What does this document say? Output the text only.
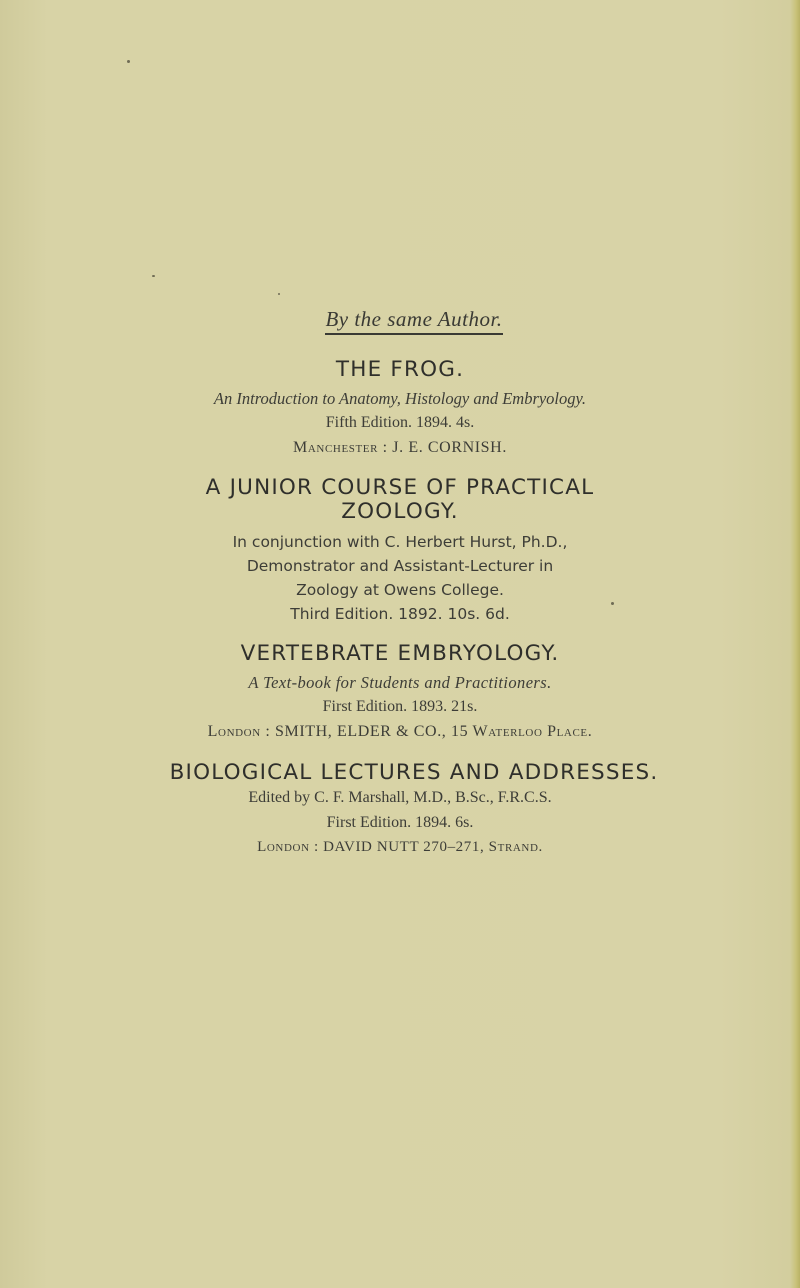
By the same Author.
THE FROG.
An Introduction to Anatomy, Histology and Embryology.
Fifth Edition. 1894. 4s.
Manchester : J. E. CORNISH.
A JUNIOR COURSE OF PRACTICAL
ZOOLOGY.
In conjunction with C. Herbert Hurst, Ph.D.,
Demonstrator and Assistant-Lecturer in
Zoology at Owens College.
Third Edition. 1892. 10s. 6d.
VERTEBRATE EMBRYOLOGY.
A Text-book for Students and Practitioners.
First Edition. 1893. 21s.
London : SMITH, ELDER & CO., 15 Waterloo Place.
BIOLOGICAL LECTURES AND ADDRESSES.
Edited by C. F. Marshall, M.D., B.Sc., F.R.C.S.
First Edition. 1894. 6s.
London : DAVID NUTT 270–271, Strand.
